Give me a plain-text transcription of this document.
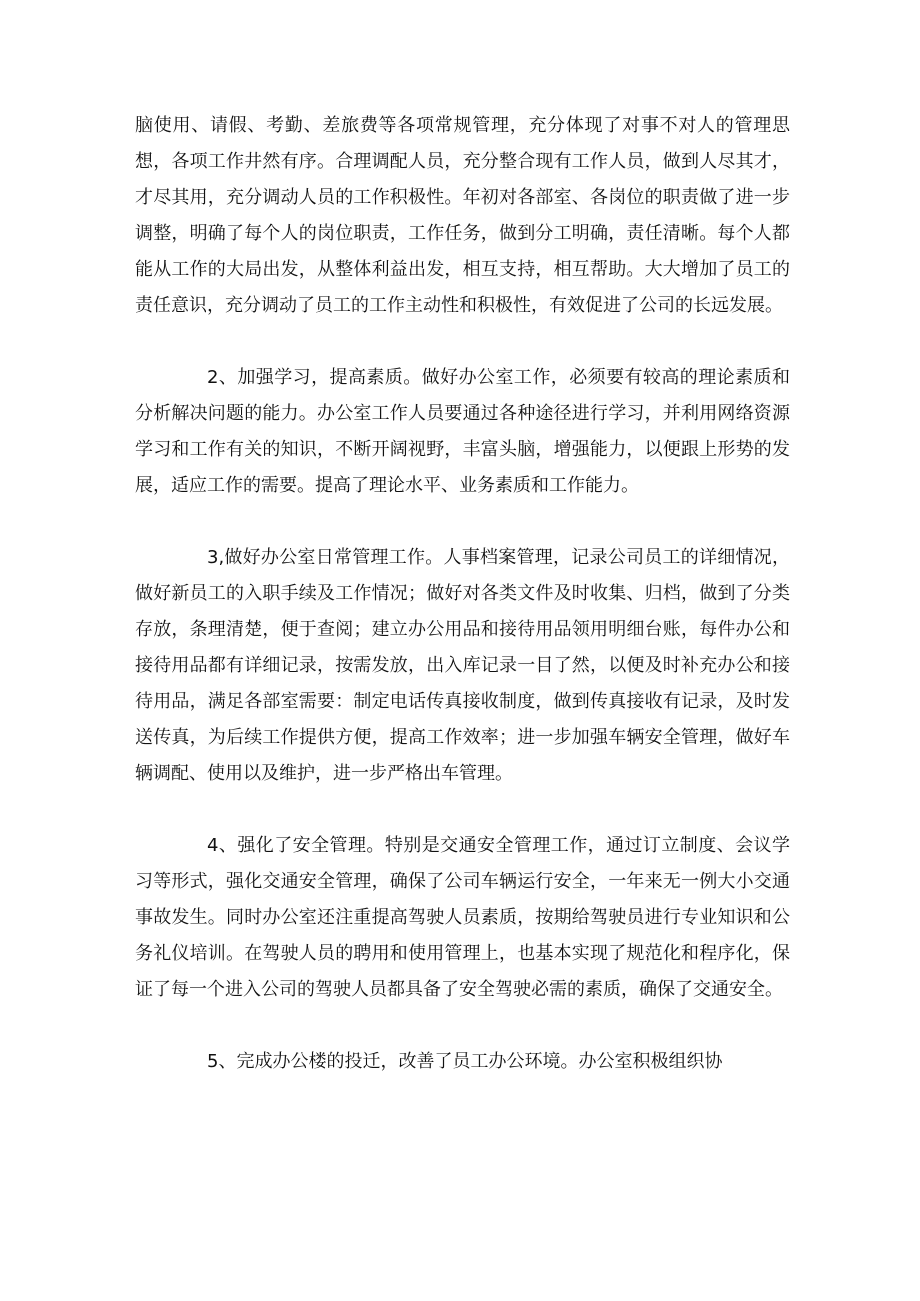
脑使用、请假、考勤、差旅费等各项常规管理，充分体现了对事不对人的管理思想，各项工作井然有序。合理调配人员，充分整合现有工作人员，做到人尽其才，才尽其用，充分调动人员的工作积极性。年初对各部室、各岗位的职责做了进一步调整，明确了每个人的岗位职责，工作任务，做到分工明确，责任清晰。每个人都能从工作的大局出发，从整体利益出发，相互支持，相互帮助。大大增加了员工的责任意识，充分调动了员工的工作主动性和积极性，有效促进了公司的长远发展。

2、加强学习，提高素质。做好办公室工作，必须要有较高的理论素质和分析解决问题的能力。办公室工作人员要通过各种途径进行学习，并利用网络资源学习和工作有关的知识，不断开阔视野，丰富头脑，增强能力，以便跟上形势的发展，适应工作的需要。提高了理论水平、业务素质和工作能力。

3,做好办公室日常管理工作。人事档案管理，记录公司员工的详细情况，做好新员工的入职手续及工作情况；做好对各类文件及时收集、归档，做到了分类存放，条理清楚，便于查阅；建立办公用品和接待用品领用明细台账，每件办公和接待用品都有详细记录，按需发放，出入库记录一目了然，以便及时补充办公和接待用品，满足各部室需要：制定电话传真接收制度，做到传真接收有记录，及时发送传真，为后续工作提供方便，提高工作效率；进一步加强车辆安全管理，做好车辆调配、使用以及维护，进一步严格出车管理。

4、强化了安全管理。特别是交通安全管理工作，通过订立制度、会议学习等形式，强化交通安全管理，确保了公司车辆运行安全，一年来无一例大小交通事故发生。同时办公室还注重提高驾驶人员素质，按期给驾驶员进行专业知识和公务礼仪培训。在驾驶人员的聘用和使用管理上，也基本实现了规范化和程序化，保证了每一个进入公司的驾驶人员都具备了安全驾驶必需的素质，确保了交通安全。

5、完成办公楼的投迁，改善了员工办公环境。办公室积极组织协
